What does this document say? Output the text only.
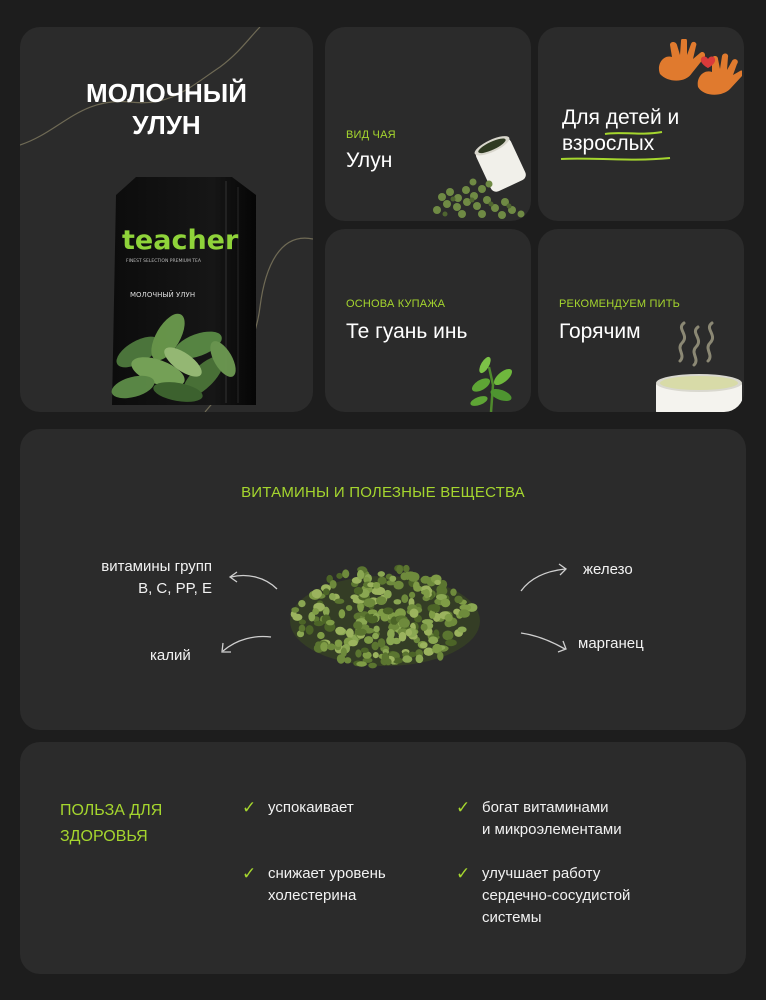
МОЛОЧНЫЙ
УЛУН
teacher
FINEST SELECTION PREMIUM TEA
МОЛОЧНЫЙ УЛУН
ВИД ЧАЯ
Улун
Для детей
и
взрослых
ОСНОВА КУПАЖА
Те гуань инь
РЕКОМЕНДУЕМ ПИТЬ
Горячим
ВИТАМИНЫ И ПОЛЕЗНЫЕ ВЕЩЕСТВА
витамины групп
B, C, PP, E
калий
железо
марганец
ПОЛЬЗА ДЛЯ
ЗДОРОВЬЯ
✓ успокаивает	✓ богат витаминами
и микроэлементами
✓ снижает уровень
холестерина
✓ улучшает работу
сердечно-сосудистой
системы
